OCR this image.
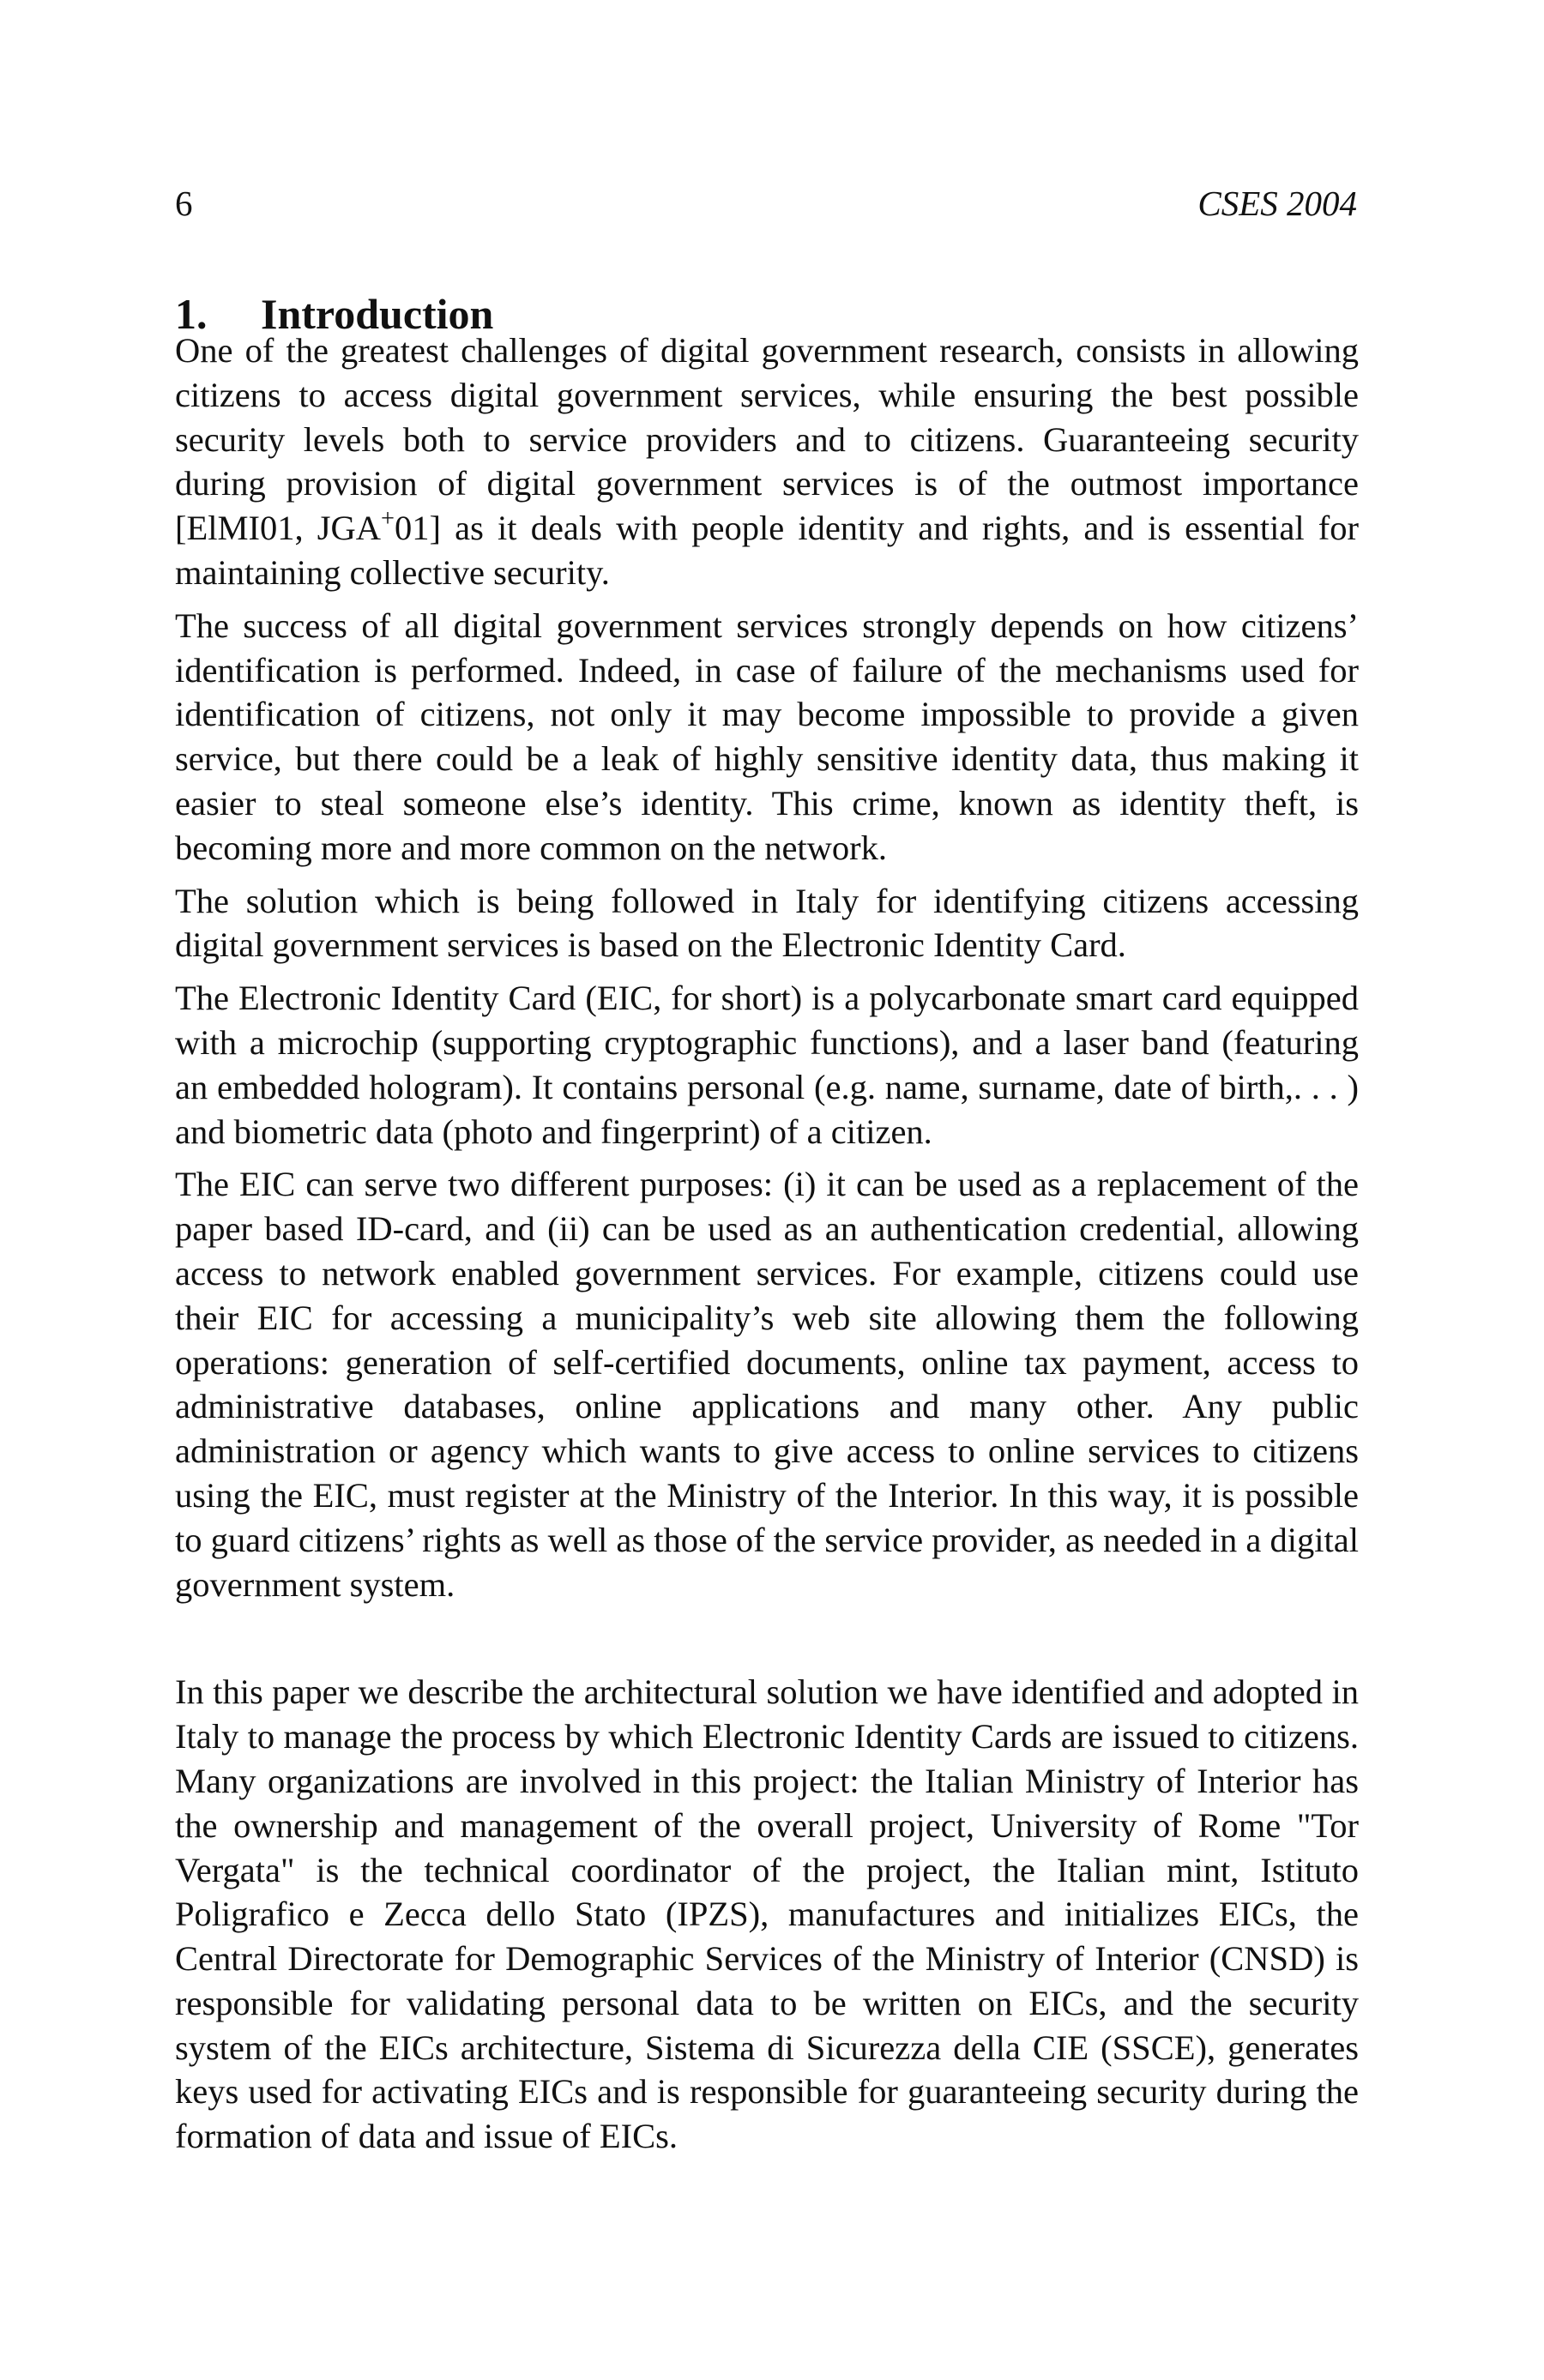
6	CSES 2004
1. Introduction

One of the greatest challenges of digital government research, consists in allowing citizens to access digital government services, while ensuring the best possible security levels both to service providers and to citizens. Guaranteeing security during provision of digital government services is of the outmost importance [ElMI01, JGA+01] as it deals with people identity and rights, and is essential for maintaining collective security.

The success of all digital government services strongly depends on how citizens’ identification is performed. Indeed, in case of failure of the mechanisms used for identification of citizens, not only it may become impossible to provide a given service, but there could be a leak of highly sensitive identity data, thus making it easier to steal someone else’s identity. This crime, known as identity theft, is becoming more and more common on the network.

The solution which is being followed in Italy for identifying citizens accessing digital government services is based on the Electronic Identity Card.

The Electronic Identity Card (EIC, for short) is a polycarbonate smart card equipped with a microchip (supporting cryptographic functions), and a laser band (featuring an embedded hologram). It contains personal (e.g. name, surname, date of birth,. . . ) and biometric data (photo and fingerprint) of a citizen.

The EIC can serve two different purposes: (i) it can be used as a replacement of the paper based ID-card, and (ii) can be used as an authentication credential, allowing access to network enabled government services. For example, citizens could use their EIC for accessing a municipality’s web site allowing them the following operations: generation of self-certified documents, online tax payment, access to administrative databases, online applications and many other. Any public administration or agency which wants to give access to online services to citizens using the EIC, must register at the Ministry of the Interior. In this way, it is possible to guard citizens’ rights as well as those of the service provider, as needed in a digital government system.

In this paper we describe the architectural solution we have identified and adopted in Italy to manage the process by which Electronic Identity Cards are issued to citizens. Many organizations are involved in this project: the Italian Ministry of Interior has the ownership and management of the overall project, University of Rome "Tor Vergata" is the technical coordinator of the project, the Italian mint, Istituto Poligrafico e Zecca dello Stato (IPZS), manufactures and initializes EICs, the Central Directorate for Demographic Services of the Ministry of Interior (CNSD) is responsible for validating personal data to be written on EICs, and the security system of the EICs architecture, Sistema di Sicurezza della CIE (SSCE), generates keys used for activating EICs and is responsible for guaranteeing security during the formation of data and issue of EICs.
